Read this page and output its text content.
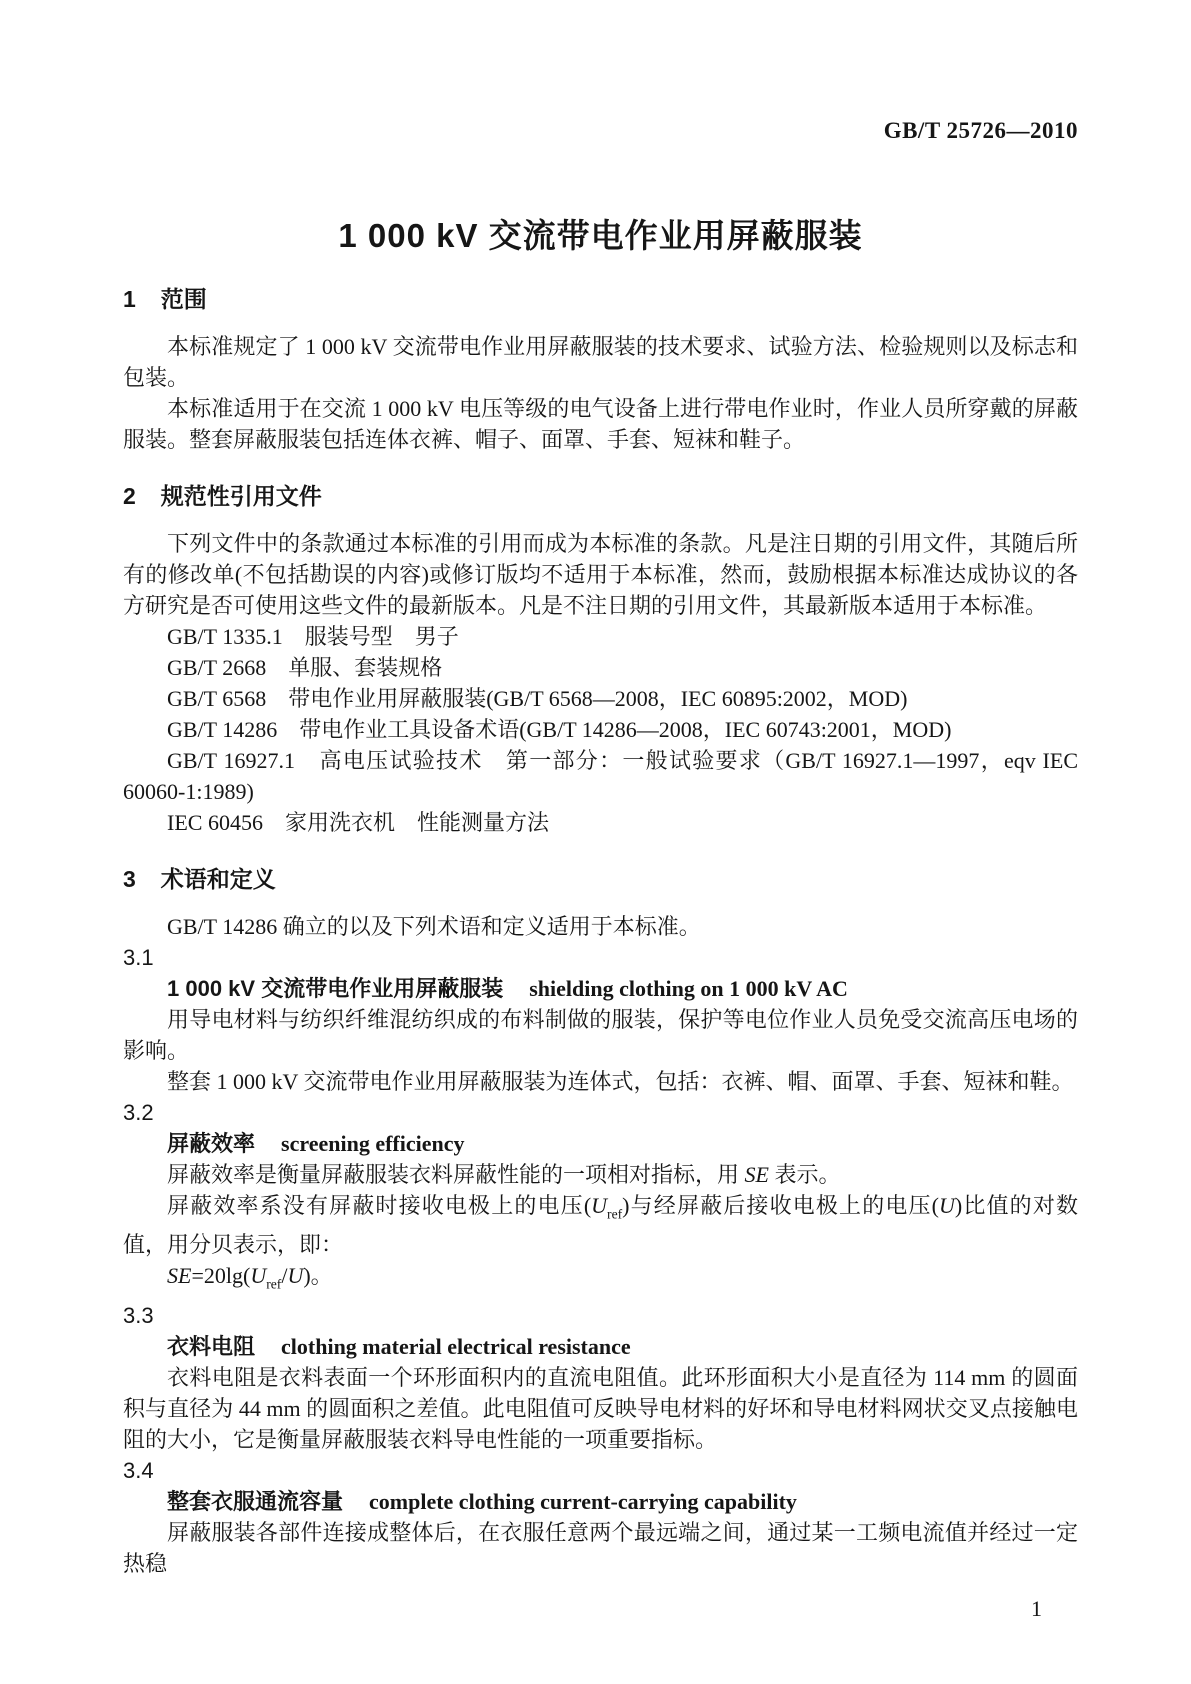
GB/T 25726—2010
1 000 kV 交流带电作业用屏蔽服装
1 范围

本标准规定了 1 000 kV 交流带电作业用屏蔽服装的技术要求、试验方法、检验规则以及标志和包装。

本标准适用于在交流 1 000 kV 电压等级的电气设备上进行带电作业时，作业人员所穿戴的屏蔽服装。整套屏蔽服装包括连体衣裤、帽子、面罩、手套、短袜和鞋子。

2 规范性引用文件

下列文件中的条款通过本标准的引用而成为本标准的条款。凡是注日期的引用文件，其随后所有的修改单(不包括勘误的内容)或修订版均不适用于本标准，然而，鼓励根据本标准达成协议的各方研究是否可使用这些文件的最新版本。凡是不注日期的引用文件，其最新版本适用于本标准。

GB/T 1335.1　服装号型　男子

GB/T 2668　单服、套装规格

GB/T 6568　带电作业用屏蔽服装(GB/T 6568—2008，IEC 60895:2002，MOD)

GB/T 14286　带电作业工具设备术语(GB/T 14286—2008，IEC 60743:2001，MOD)

GB/T 16927.1　高电压试验技术　第一部分：一般试验要求（GB/T 16927.1—1997，eqv IEC 60060-1:1989)

IEC 60456　家用洗衣机　性能测量方法

3 术语和定义

GB/T 14286 确立的以及下列术语和定义适用于本标准。

3.1

1 000 kV 交流带电作业用屏蔽服装 shielding clothing on 1 000 kV AC

用导电材料与纺织纤维混纺织成的布料制做的服装，保护等电位作业人员免受交流高压电场的影响。

整套 1 000 kV 交流带电作业用屏蔽服装为连体式，包括：衣裤、帽、面罩、手套、短袜和鞋。

3.2

屏蔽效率 screening efficiency

屏蔽效率是衡量屏蔽服装衣料屏蔽性能的一项相对指标，用 SE 表示。

屏蔽效率系没有屏蔽时接收电极上的电压$(U_{ref})$与经屏蔽后接收电极上的电压(U)比值的对数值，用分贝表示，即：

$SE=20\lg(U_{ref}/U)$。

3.3

衣料电阻 clothing material electrical resistance

衣料电阻是衣料表面一个环形面积内的直流电阻值。此环形面积大小是直径为 114 mm 的圆面积与直径为 44 mm 的圆面积之差值。此电阻值可反映导电材料的好坏和导电材料网状交叉点接触电阻的大小，它是衡量屏蔽服装衣料导电性能的一项重要指标。

3.4

整套衣服通流容量 complete clothing current-carrying capability

屏蔽服装各部件连接成整体后，在衣服任意两个最远端之间，通过某一工频电流值并经过一定热稳

1
